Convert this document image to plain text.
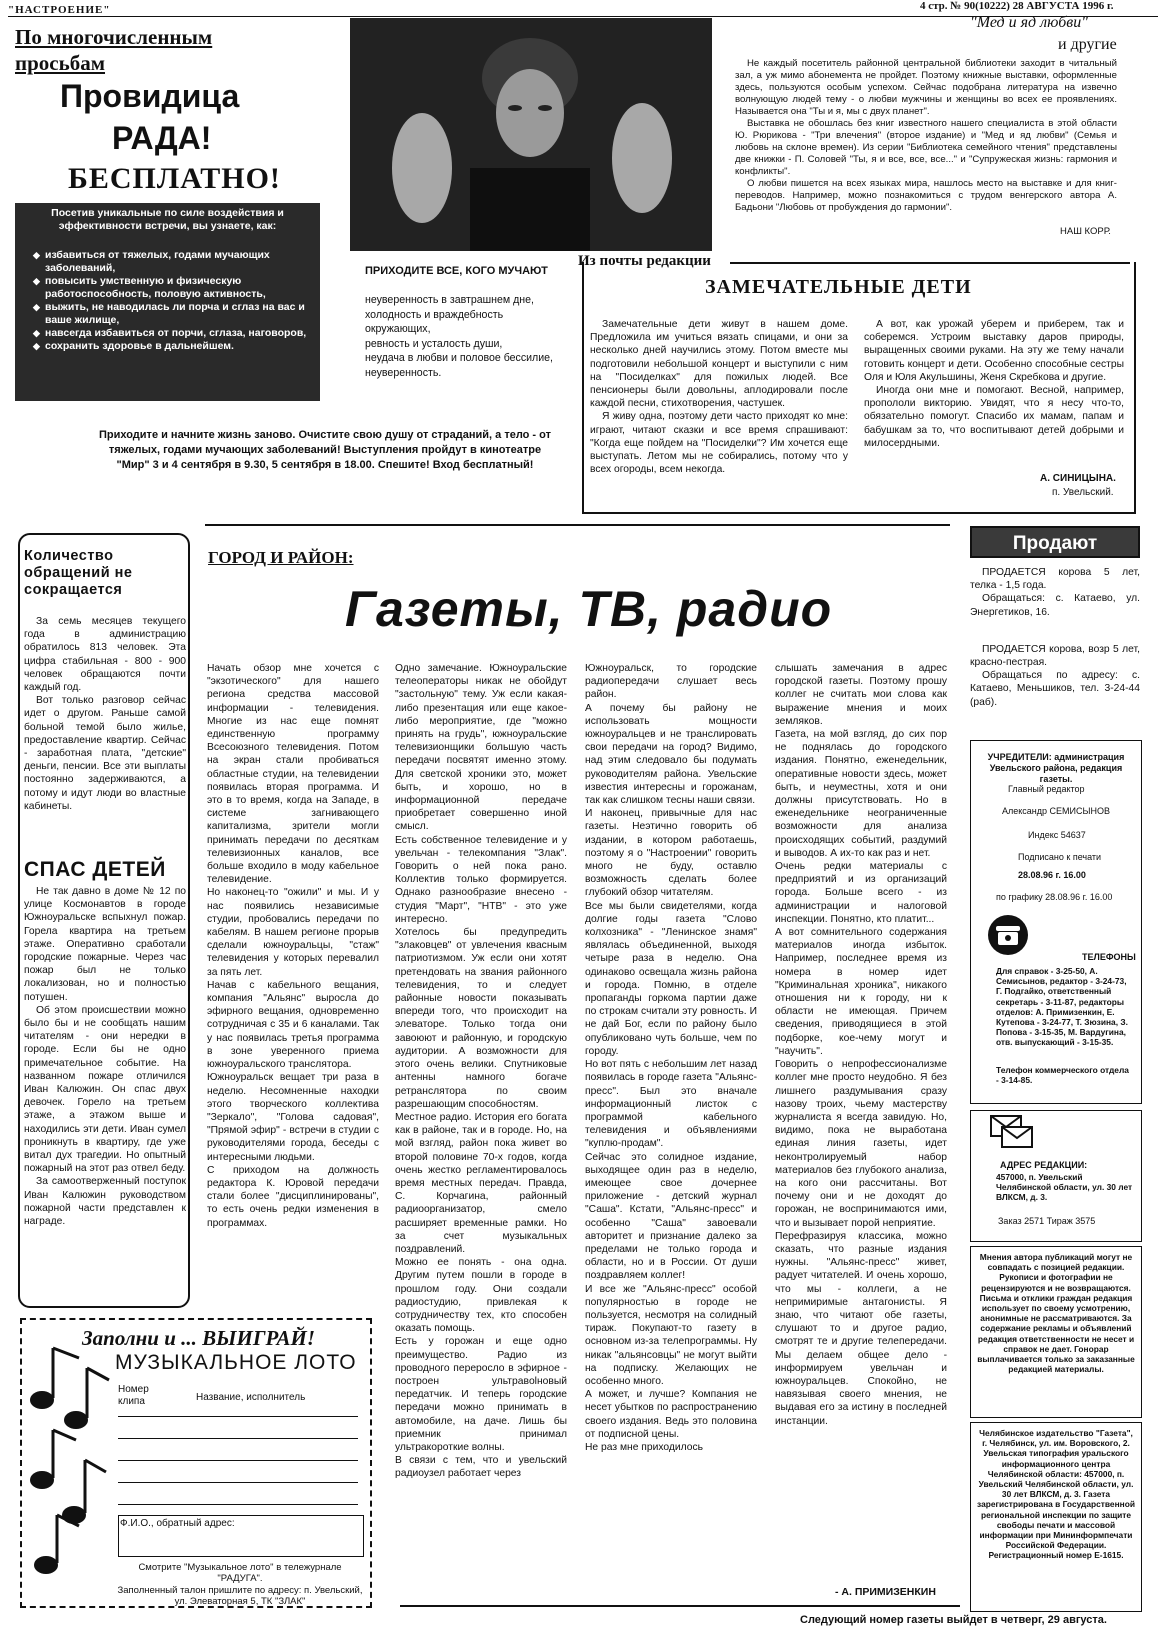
"НАСТРОЕНИЕ"	4 стр. № 90(10222) 28 АВГУСТА 1996 г.
По многочисленным просьбам
Провидица
РАДА!
БЕСПЛАТНО!
Посетив уникальные по силе воздействия и эффективности встречи, вы узнаете, как:
◆ избавиться от тяжелых, годами мучающих заболеваний,
◆ повысить умственную и физическую работоспособность, половую активность,
◆ выжить, не наводилась ли порча и сглаз на вас и ваше жилище,
◆ навсегда избавиться от порчи, сглаза, наговоров,
◆ сохранить здоровье в дальнейшем.
ПРИХОДИТЕ ВСЕ, КОГО МУЧАЮТ
неуверенность в завтрашнем дне,
холодность и враждебность окружающих,
ревность и усталость души,
неудача в любви и половое бессилие,
неуверенность.
Приходите и начните жизнь заново. Очистите свою душу от страданий, а тело - от тяжелых, годами мучающих заболеваний! Выступления пройдут в кинотеатре "Мир" 3 и 4 сентября в 9.30, 5 сентября в 18.00. Спешите! Вход бесплатный!
"Мед и яд любви"
и другие

Не каждый посетитель районной центральной библиотеки заходит в читальный зал, а уж мимо абонемента не пройдет. Поэтому книжные выставки, оформленные здесь, пользуются особым успехом. Сейчас подобрана литература на извечно волнующую людей тему - о любви мужчины и женщины во всех ее проявлениях. Называется она "Ты и я, мы с двух планет".

Выставка не обошлась без книг известного нашего специалиста в этой области Ю. Рюрикова - "Три влечения" (второе издание) и "Мед и яд любви" (Семья и любовь на склоне времен). Из серии "Библиотека семейного чтения" представлены две книжки - П. Соловей "Ты, я и все, все, все..." и "Супружеская жизнь: гармония и конфликты".

О любви пишется на всех языках мира, нашлось место на выставке и для книг-переводов. Например, можно познакомиться с трудом венгерского автора А. Бадьони "Любовь от пробуждения до гармонии".

НАШ КОРР.
Из почты редакции
ЗАМЕЧАТЕЛЬНЫЕ ДЕТИ

Замечательные дети живут в нашем доме. Предложила им учиться вязать спицами, и они за несколько дней научились этому. Потом вместе мы подготовили небольшой концерт и выступили с ним на "Посиделках" для пожилых людей. Все пенсионеры были довольны, аплодировали после каждой песни, стихотворения, частушек.

Я живу одна, поэтому дети часто приходят ко мне: играют, читают сказки и все время спрашивают: "Когда еще пойдем на "Посиделки"? Им хочется еще выступать. Летом мы не собирались, потому что у всех огороды, всем некогда.

А вот, как урожай уберем и приберем, так и соберемся. Устроим выставку даров природы, выращенных своими руками. На эту же тему начали готовить концерт и дети. Особенно способные сестры Оля и Юля Акульшины, Женя Скребкова и другие.

Иногда они мне и помогают. Весной, например, пропололи викторию. Увидят, что я несу что-то, обязательно помогут. Спасибо их мамам, папам и бабушкам за то, что воспитывают детей добрыми и милосердными.

А. СИНИЦЫНА.
п. Увельский.
Количество обращений не сокращается

За семь месяцев текущего года в администрацию обратилось 813 человек. Эта цифра стабильная - 800 - 900 человек обращаются почти каждый год.

Вот только разговор сейчас идет о другом. Раньше самой больной темой было жилье, предоставление квартир. Сейчас - заработная плата, "детские" деньги, пенсии. Все эти выплаты постоянно задерживаются, а потому и идут люди во властные кабинеты.

СПАС ДЕТЕЙ

Не так давно в доме № 12 по улице Космонавтов в городе Южноуральске вспыхнул пожар. Горела квартира на третьем этаже. Оперативно сработали городские пожарные. Через час пожар был не только локализован, но и полностью потушен.

Об этом происшествии можно было бы и не сообщать нашим читателям - они нередки в городе. Если бы не одно примечательное событие. На названном пожаре отличился Иван Калюжин. Он спас двух девочек. Горело на третьем этаже, а этажом выше и находились эти дети. Иван сумел проникнуть в квартиру, где уже витал дух трагедии. Но опытный пожарный на этот раз отвел беду.

За самоотверженный поступок Иван Калюжин руководством пожарной части представлен к награде.

ГОРОД И РАЙОН:
Газеты, ТВ, радио
Начать обзор мне хочется с "экзотического" для нашего региона средства массовой информации - телевидения. Многие из нас еще помнят единственную программу Всесоюзного телевидения. Потом на экран стали пробиваться областные студии, на телевидении появилась вторая программа. И это в то время, когда на Западе, в системе загнивающего капитализма, зрители могли принимать передачи по десяткам телевизионных каналов, все больше входило в моду кабельное телевидение.
Но наконец-то "ожили" и мы. И у нас появились независимые студии, пробовались передачи по кабелям. В нашем регионе прорыв сделали южноуральцы, "стаж" телевидения у которых перевалил за пять лет.
Начав с кабельного вещания, компания "Альянс" выросла до эфирного вещания, одновременно сотрудничая с 35 и 6 каналами. Так у нас появилась третья программа в зоне уверенного приема южноуральского транслятора.
Южноуральск вещает три раза в неделю. Несомненные находки этого творческого коллектива "Зеркало", "Голова садовая", "Прямой эфир" - встречи в студии с руководителями города, беседы с интересными людьми.
С приходом на должность редактора К. Юровой передачи стали более "дисциплинированы", то есть очень редки изменения в программах.
Одно замечание. Южноуральские телеоператоры никак не обойдут "застольную" тему. Уж если какая-либо презентация или еще какое-либо мероприятие, где "можно принять на грудь", южноуральские телевизионщики большую часть передачи посвятят именно этому. Для светской хроники это, может быть, и хорошо, но в информационной передаче приобретает совершенно иной смысл.
Есть собственное телевидение и у увельчан - телекомпания "Злак". Говорить о ней пока рано. Коллектив только формируется. Однако разнообразие внесено - студия "Март", "НТВ" - это уже интересно.
Хотелось бы предупредить "злаковцев" от увлечения квасным патриотизмом. Уж если они хотят претендовать на звания районного телевидения, то и следует районные новости показывать впереди того, что происходит на элеваторе. Только тогда они завоюют и районную, и городскую аудитории. А возможности для этого очень велики. Спутниковые антенны намного богаче ретранслятора по своим разрешающим способностям.
Местное радио. История его богата как в районе, так и в городе. Но, на мой взгляд, район пока живет во второй половине 70-х годов, когда очень жестко регламентировалось время местных передач. Правда, С. Корчагина, районный радиоорганизатор, смело расширяет временные рамки. Но за счет музыкальных поздравлений.
Можно ее понять - она одна. Другим путем пошли в городе в прошлом году. Они создали радиостудию, привлекая к сотрудничеству тех, кто способен оказать помощь.
Есть у горожан и еще одно преимущество. Радио из проводного переросло в эфирное - построен ультравolновый передатчик. И теперь городские передачи можно принимать в автомобиле, на даче. Лишь бы приемник принимал ультракороткие волны.
В связи с тем, что и увельский радиоузел работает через
Южноуральск, то городские радиопередачи слушает весь район.
А почему бы району не использовать мощности южноуральцев и не транслировать свои передачи на город? Видимо, над этим следовало бы подумать руководителям района. Увельские известия интересны и горожанам, так как слишком тесны наши связи.
И наконец, привычные для нас газеты. Неэтично говорить об издании, в котором работаешь, поэтому я о "Настроении" говорить много не буду, оставлю возможность сделать более глубокий обзор читателям.
Все мы были свидетелями, когда долгие годы газета "Слово колхозника" - "Ленинское знамя" являлась объединенной, выходя четыре раза в неделю. Она одинаково освещала жизнь района и города. Помню, в отделе пропаганды горкома партии даже по строкам считали эту ровность. И не дай Бог, если по району было опубликовано чуть больше, чем по городу.
Но вот пять с небольшим лет назад появилась в городе газета "Альянс-пресс". Был это вначале информационный листок с программой кабельного телевидения и объявлениями "куплю-продам".
Сейчас это солидное издание, выходящее один раз в неделю, имеющее свое дочернее приложение - детский журнал "Саша". Кстати, "Альянс-пресс" и особенно "Саша" завоевали авторитет и признание далеко за пределами не только города и области, но и в России. От души поздравляем коллег!
И все же "Альянс-пресс" особой популярностью в городе не пользуется, несмотря на солидный тираж. Покупают-то газету в основном из-за телепрограммы. Ну никак "альянсовцы" не могут выйти на подписку. Желающих не особенно много.
А может, и лучше? Компания не несет убытков по распространению своего издания. Ведь это половина от подписной цены.
Не раз мне приходилось
слышать замечания в адрес городской газеты. Поэтому прошу коллег не считать мои слова как выражение мнения и моих земляков.
Газета, на мой взгляд, до сих пор не поднялась до городского издания. Понятно, еженедельник, оперативные новости здесь, может быть, и неуместны, хотя и они должны присутствовать. Но в еженедельнике неограниченные возможности для анализа происходящих событий, раздумий и выводов. А их-то как раз и нет.
Очень редки материалы с предприятий и из организаций города. Больше всего - из администрации и налоговой инспекции. Понятно, кто платит...
А вот сомнительного содержания материалов иногда избыток. Например, последнее время из номера в номер идет "Криминальная хроника", никакого отношения ни к городу, ни к области не имеющая. Причем сведения, приводящиеся в этой подборке, кое-чему могут и "научить".
Говорить о непрофессионализме коллег мне просто неудобно. Я без лишнего раздумывания сразу назову троих, чьему мастерству журналиста я всегда завидую. Но, видимо, пока не выработана единая линия газеты, идет неконтролируемый набор материалов без глубокого анализа, на кого они рассчитаны. Вот почему они и не доходят до горожан, не воспринимаются ими, что и вызывает порой неприятие.
Перефразируя классика, можно сказать, что разные издания нужны. "Альянс-пресс" живет, радует читателей. И очень хорошо, что мы - коллеги, а не непримиримые антагонисты. Я знаю, что читают обе газеты, слушают то и другое радио, смотрят те и другие телепередачи. Мы делаем общее дело - информируем увельчан и южноуральцев. Спокойно, не навязывая своего мнения, не выдавая его за истину в последней инстанции.
- А. ПРИМИЗЕНКИН
Продают

ПРОДАЕТСЯ корова 5 лет, телка - 1,5 года.

Обращаться: с. Катаево, ул. Энергетиков, 16.

ПРОДАЕТСЯ корова, возр 5 лет, красно-пестрая.

Обращаться по адресу: с. Катаево, Меньшиков, тел. 3-24-44 (раб).

УЧРЕДИТЕЛИ: администрация Увельского района, редакция газеты.
Главный редактор
Александр СЕМИСЫНОВ
Индекс 54637
Подписано к печати
28.08.96 г. 16.00
по графику 28.08.96 г. 16.00
ТЕЛЕФОНЫ
Для справок - 3-25-50, А. Семисынов, редактор - 3-24-73, Г. Подгайко, ответственный секретарь - 3-11-87, редакторы отделов: А. Примизенкин, Е. Кутепова - 3-24-77, Т. Зюзина, З. Попова - 3-15-35, М. Вардугина, отв. выпускающий - 3-15-35.
Телефон коммерческого отдела - 3-14-85.
АДРЕС РЕДАКЦИИ:
457000, п. Увельский Челябинской области, ул. 30 лет ВЛКСМ, д. 3.
Заказ 2571 Тираж 3575
Мнения автора публикаций могут не совпадать с позицией редакции. Рукописи и фотографии не рецензируются и не возвращаются. Письма и отклики граждан редакция использует по своему усмотрению, анонимные не рассматриваются. За содержание рекламы и объявлений редакция ответственности не несет и справок не дает. Гонорар выплачивается только за заказанные редакцией материалы.
Челябинское издательство "Газета", г. Челябинск, ул. им. Воровского, 2. Увельская типография уральского информационного центра Челябинской области: 457000, п. Увельский Челябинской области, ул. 30 лет ВЛКСМ, д. 3. Газета зарегистрирована в Государственной региональной инспекции по защите свободы печати и массовой информации при Мининформпечати Российской Федерации. Регистрационный номер Е-1615.
Заполни и ... ВЫИГРАЙ!
МУЗЫКАЛЬНОЕ ЛОТО
Номер клипа	Название, исполнитель
Ф.И.О., обратный адрес:
Смотрите "Музыкальное лото" в тележурнале "РАДУГА".
Заполненный талон пришлите по адресу: п. Увельский, ул. Элеваторная 5, ТК "ЗЛАК"
Следующий номер газеты выйдет в четверг, 29 августа.
